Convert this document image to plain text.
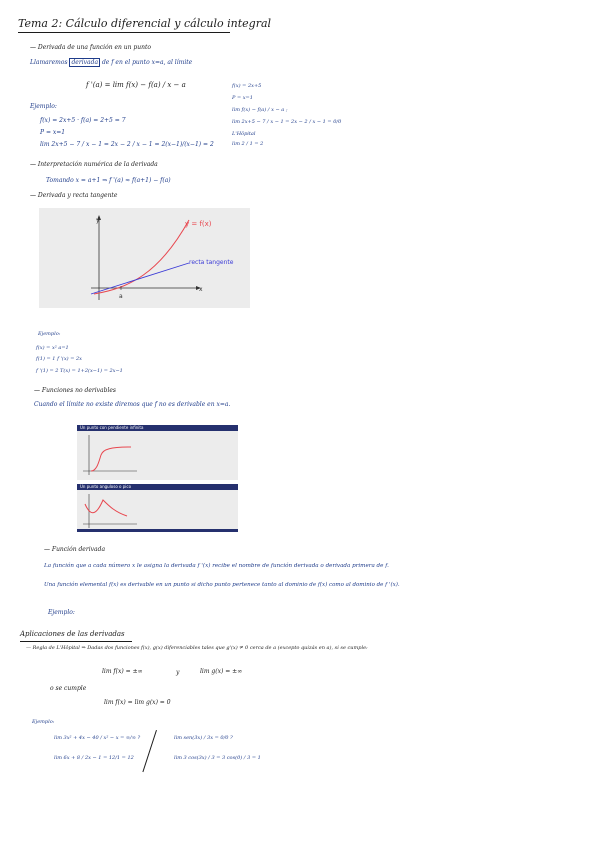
Tema 2: Cálculo diferencial y cálculo integral
— Derivada de una función en un punto
Llamaremos derivada de f en el punto x=a, al límite
f '(a) = lim f(x) − f(a) / x − a
Ejemplo:
f(x) = 2x+5 · f(a) = 2+5 = 7
P = x=1
lim 2x+5 − 7 / x − 1 = 2x − 2 / x − 1 = 2(x−1)/(x−1) = 2
f(x) = 2x+5
P = x=1
lim f(x) − f(a) / x − a ;
lim 2x+5 − 7 / x − 1 = 2x − 2 / x − 1 = 0/0
L'Hôpital
lim 2 / 1 = 2
— Interpretación numérica de la derivada
Tomando x = a+1 ⇒ f '(a) ≈ f(a+1) − f(a)
— Derivada y recta tangente
y = f(x)
recta tangente
y
x
a
Ejemplo:
f(x) = x² a=1
f(1) = 1 f '(x) = 2x
f '(1) = 2 T(x) = 1+2(x−1) = 2x−1
— Funciones no derivables
Cuando el límite no existe diremos que f no es derivable en x=a.
Un punto con pendiente infinita
Un punto angulosо o pico
— Función derivada
La función que a cada número x le asigna la derivada f '(x) recibe el nombre de función derivada o derivada primera de f.
Una función elemental f(x) es derivable en un punto si dicho punto pertenece tanto al dominio de f(x) como al dominio de f '(x).
Ejemplo:
Aplicaciones de las derivadas
— Regla de L'Hôpital ⇒ Dadas dos funciones f(x), g(x) diferenciables tales que g'(x) ≠ 0 cerca de a (excepto quizás en a), si se cumple:
lim f(x) = ±∞	y	lim g(x) = ±∞
o se cumple
lim f(x) = lim g(x) = 0
Ejemplo:
lim 3x² + 4x − 40 / x² − x = ∞/∞ ?
lim 6x + 8 / 2x − 1 = 12/1 = 12
lim sen(3x) / 3x = 0/0 ?
lim 3 cos(3x) / 3 = 3 cos(0) / 3 = 1
